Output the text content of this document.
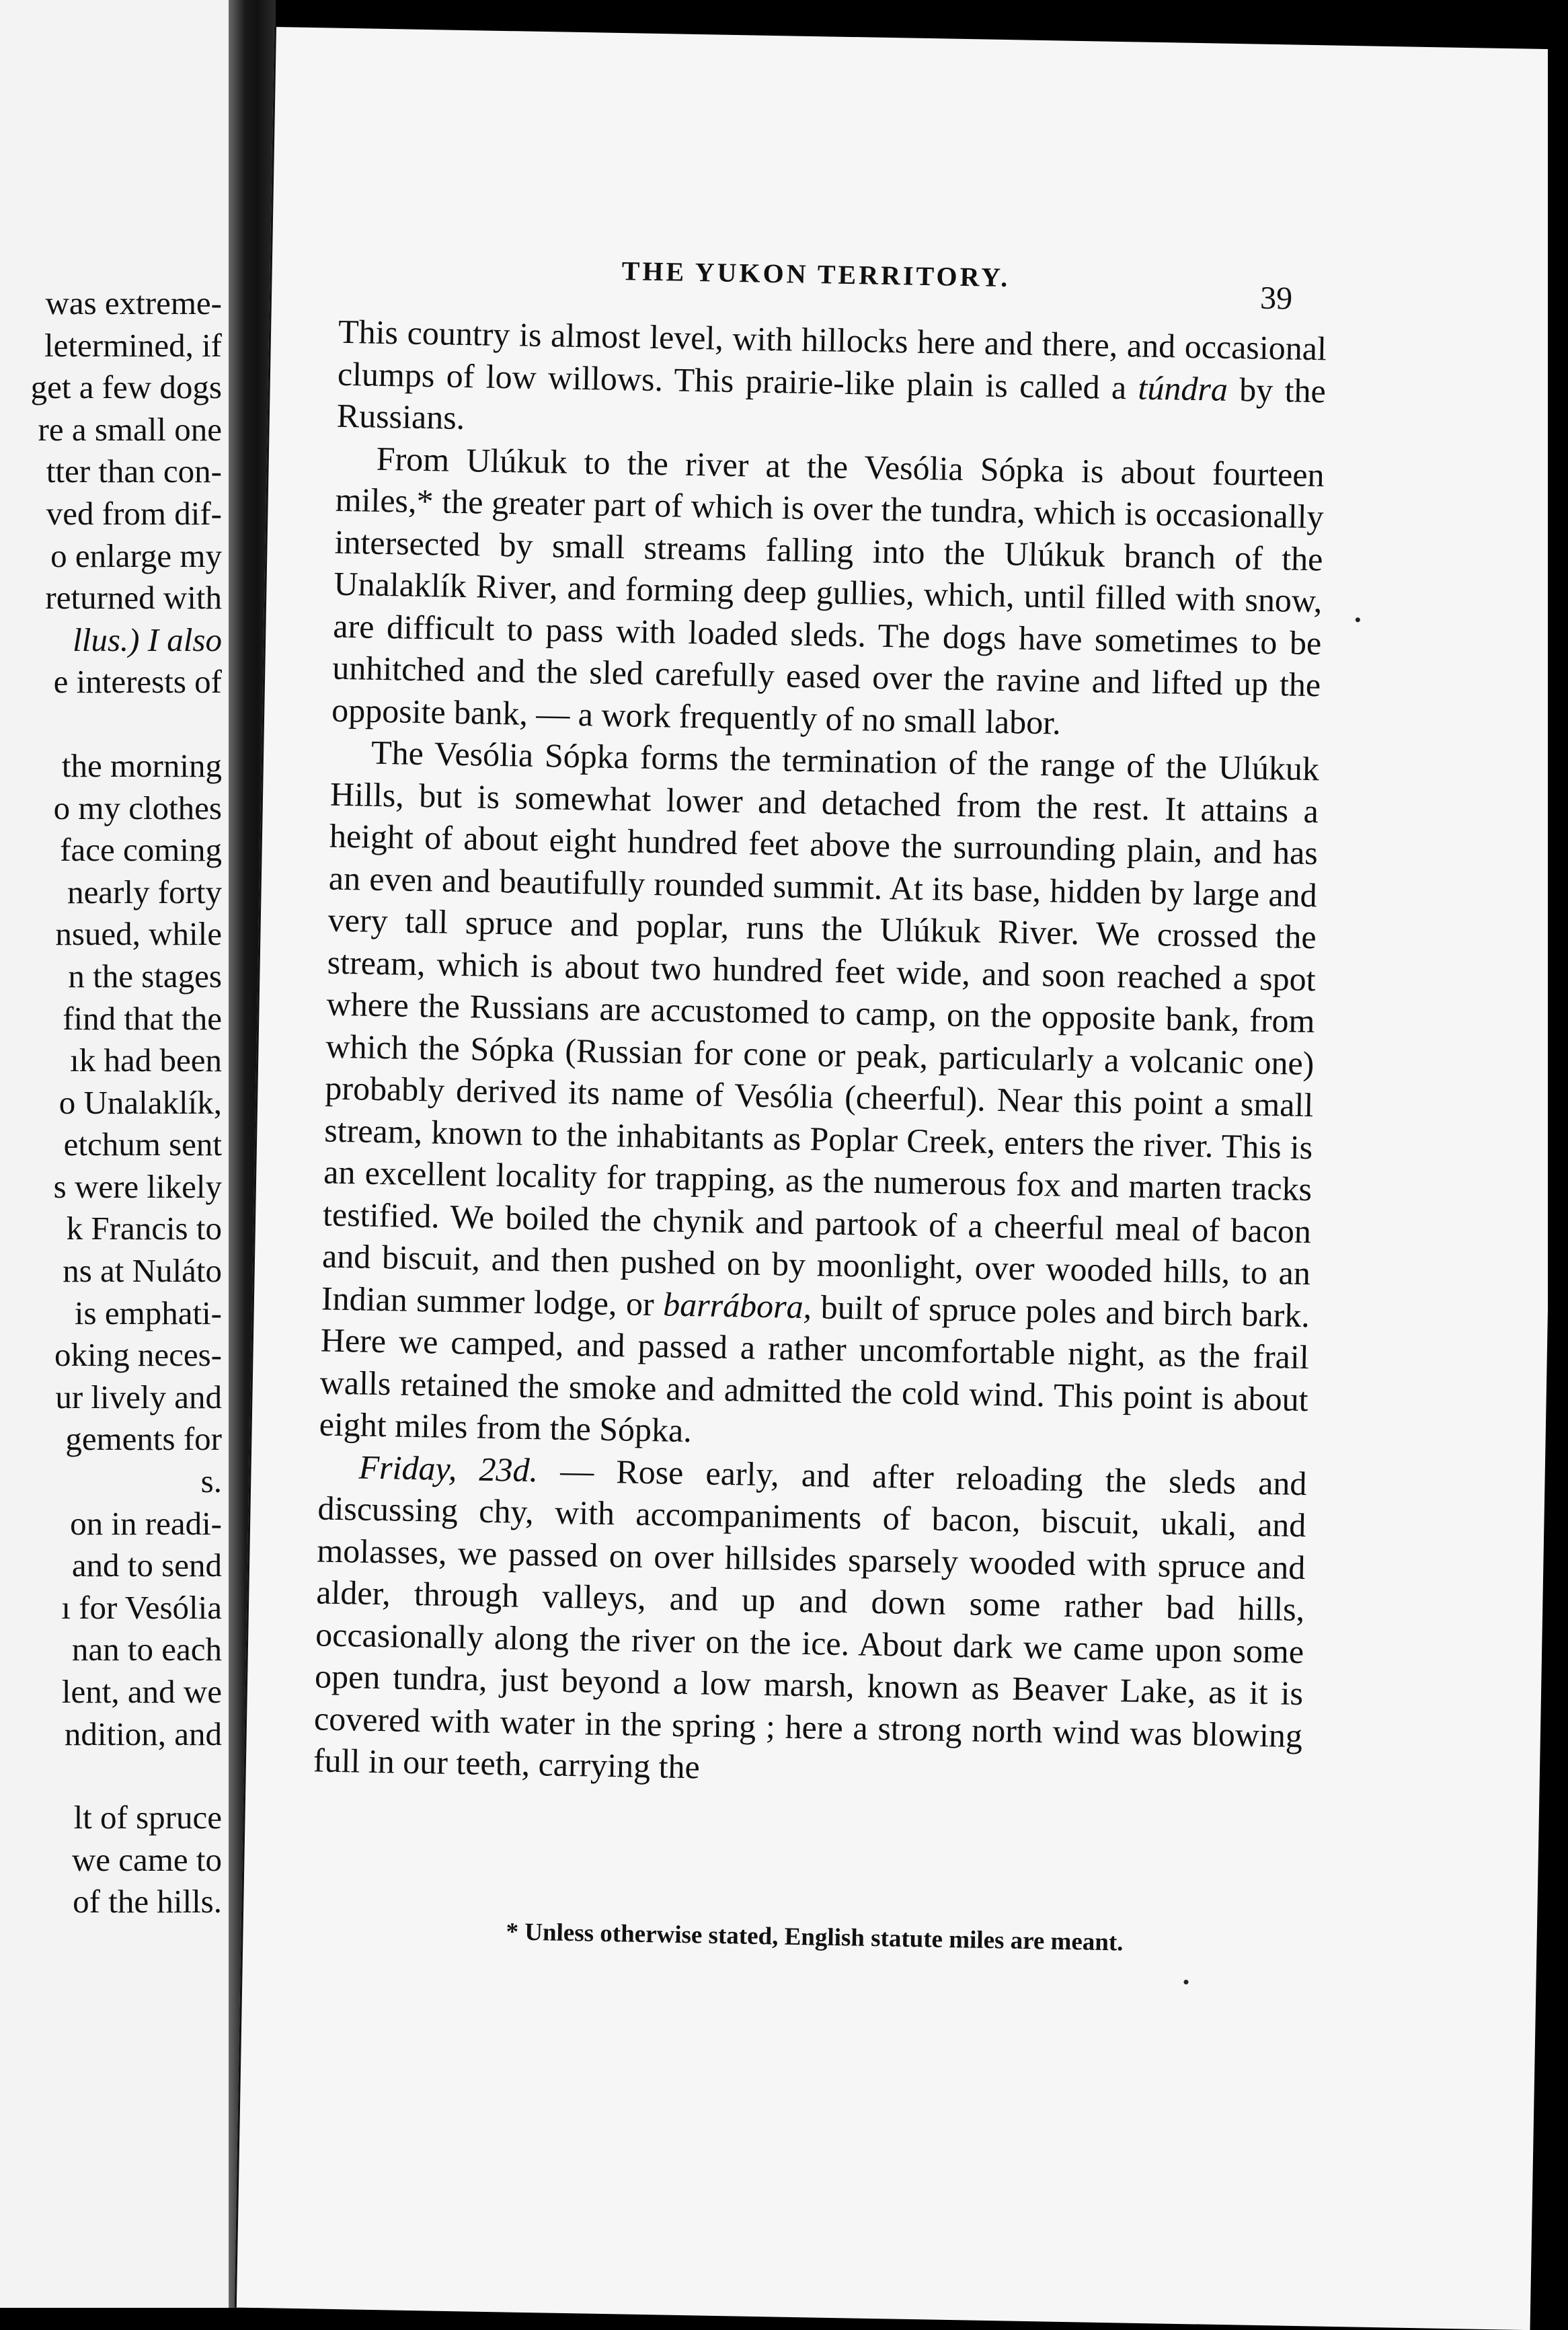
was extreme-
letermined, if
get a few dogs
re a small one
tter than con-
ved from dif-
o enlarge my
returned with
llus.) I also
e interests of
the morning
o my clothes
face coming
nearly forty
nsued, while
n the stages
find that the
ık had been
o Unalaklík,
etchum sent
s were likely
k Francis to
ns at Nuláto
is emphati-
oking neces-
ur lively and
gements for
s.
on in readi-
and to send
ı for Vesólia
nan to each
lent, and we
ndition, and
lt of spruce
we came to
of the hills.
THE YUKON TERRITORY.
39

This country is almost level, with hillocks here and there, and occasional clumps of low willows. This prairie-like plain is called a túndra by the Russians.

From Ulúkuk to the river at the Vesólia Sópka is about fourteen miles,* the greater part of which is over the tundra, which is occasionally intersected by small streams falling into the Ulúkuk branch of the Unalaklík River, and forming deep gullies, which, until filled with snow, are difficult to pass with loaded sleds. The dogs have sometimes to be unhitched and the sled carefully eased over the ravine and lifted up the opposite bank, — a work frequently of no small labor.

The Vesólia Sópka forms the termination of the range of the Ulúkuk Hills, but is somewhat lower and detached from the rest. It attains a height of about eight hundred feet above the surrounding plain, and has an even and beautifully rounded summit. At its base, hidden by large and very tall spruce and poplar, runs the Ulúkuk River. We crossed the stream, which is about two hundred feet wide, and soon reached a spot where the Russians are accustomed to camp, on the opposite bank, from which the Sópka (Russian for cone or peak, particularly a volcanic one) probably derived its name of Vesólia (cheerful). Near this point a small stream, known to the inhabitants as Poplar Creek, enters the river. This is an excellent locality for trapping, as the numerous fox and marten tracks testified. We boiled the chynik and partook of a cheerful meal of bacon and biscuit, and then pushed on by moonlight, over wooded hills, to an Indian summer lodge, or barrábora, built of spruce poles and birch bark. Here we camped, and passed a rather uncomfortable night, as the frail walls retained the smoke and admitted the cold wind. This point is about eight miles from the Sópka.

Friday, 23d. — Rose early, and after reloading the sleds and discussing chy, with accompaniments of bacon, biscuit, ukali, and molasses, we passed on over hillsides sparsely wooded with spruce and alder, through valleys, and up and down some rather bad hills, occasionally along the river on the ice. About dark we came upon some open tundra, just beyond a low marsh, known as Beaver Lake, as it is covered with water in the spring ; here a strong north wind was blowing full in our teeth, carrying the

* Unless otherwise stated, English statute miles are meant.
